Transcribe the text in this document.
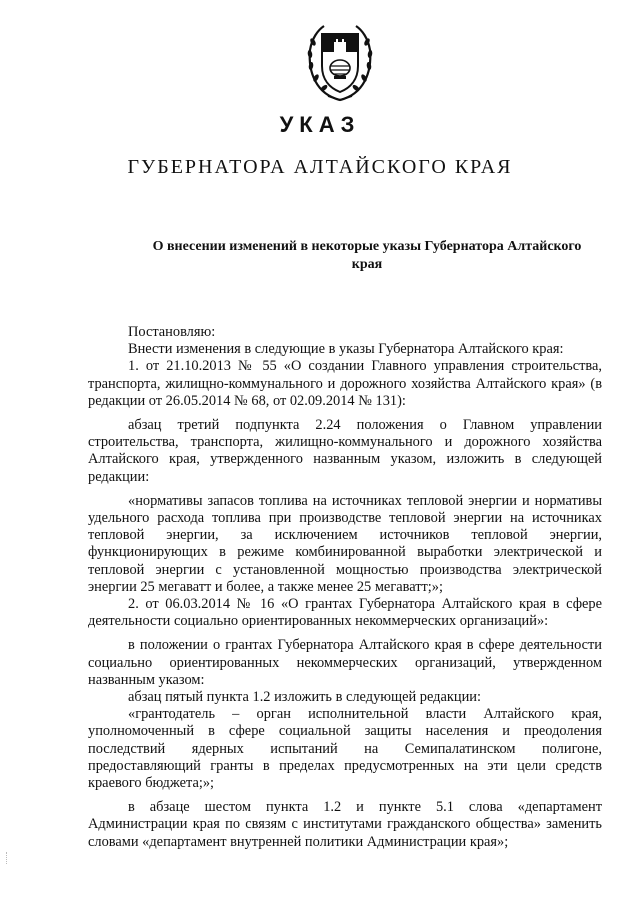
УКАЗ
ГУБЕРНАТОРА АЛТАЙСКОГО КРАЯ
О внесении изменений в некоторые указы Губернатора Алтайского
края

Постановляю:

Внести изменения в следующие в указы Губернатора Алтайского края:

1. от 21.10.2013 № 55 «О создании Главного управления строительства, транспорта, жилищно-коммунального и дорожного хозяйства Алтайского края» (в редакции от 26.05.2014 № 68, от 02.09.2014 № 131):

абзац третий подпункта 2.24 положения о Главном управлении строительства, транспорта, жилищно-коммунального и дорожного хозяйства Алтайского края, утвержденного названным указом, изложить в следующей редакции:

«нормативы запасов топлива на источниках тепловой энергии и нормативы удельного расхода топлива при производстве тепловой энергии на источниках тепловой энергии, за исключением источников тепловой энергии, функционирующих в режиме комбинированной выработки электрической и тепловой энергии с установленной мощностью производства электрической энергии 25 мегаватт и более, а также менее 25 мегаватт;»;

2. от 06.03.2014 № 16 «О грантах Губернатора Алтайского края в сфере деятельности социально ориентированных некоммерческих организаций»:

в положении о грантах Губернатора Алтайского края в сфере деятельности социально ориентированных некоммерческих организаций, утвержденном названным указом:

абзац пятый пункта 1.2 изложить в следующей редакции:

«грантодатель – орган исполнительной власти Алтайского края, уполномоченный в сфере социальной защиты населения и преодоления последствий ядерных испытаний на Семипалатинском полигоне, предоставляющий гранты в пределах предусмотренных на эти цели средств краевого бюджета;»;

в абзаце шестом пункта 1.2 и пункте 5.1 слова «департамент Администрации края по связям с институтами гражданского общества» заменить словами «департамент внутренней политики Администрации края»;
